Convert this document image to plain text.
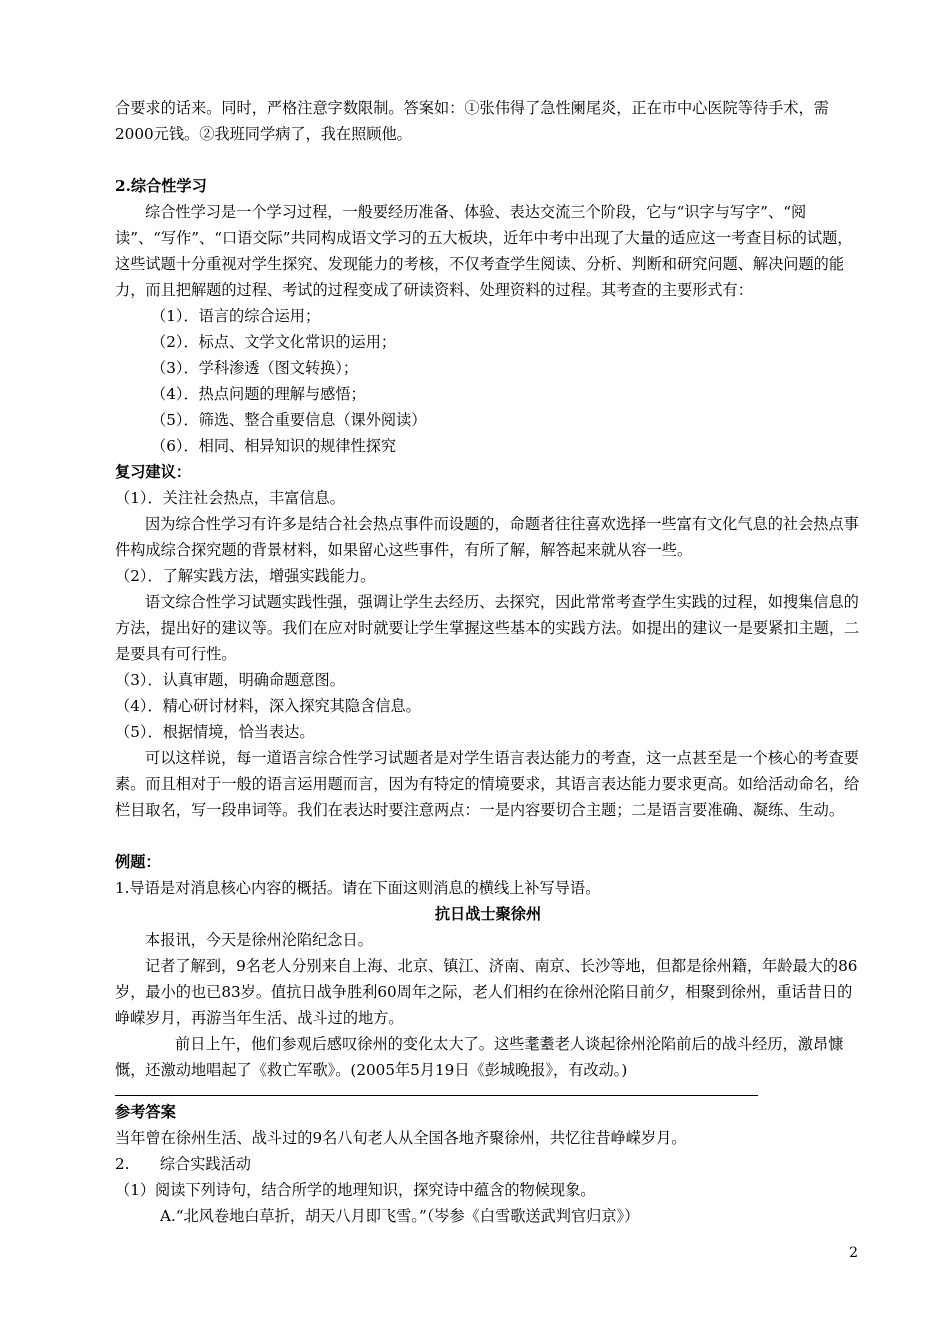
合要求的话来。同时，严格注意字数限制。答案如：①张伟得了急性阑尾炎，正在市中心医院等待手术，需2000元钱。②我班同学病了，我在照顾他。

2.综合性学习

综合性学习是一个学习过程，一般要经历准备、体验、表达交流三个阶段，它与“识字与写字”、“阅读”、“写作”、“口语交际”共同构成语文学习的五大板块，近年中考中出现了大量的适应这一考查目标的试题，这些试题十分重视对学生探究、发现能力的考核，不仅考查学生阅读、分析、判断和研究问题、解决问题的能力，而且把解题的过程、考试的过程变成了研读资料、处理资料的过程。其考查的主要形式有：

（1）．语言的综合运用；

（2）．标点、文学文化常识的运用；

（3）．学科渗透（图文转换）；

（4）．热点问题的理解与感悟；

（5）．筛选、整合重要信息（课外阅读）

（6）．相同、相异知识的规律性探究

复习建议：

（1）．关注社会热点，丰富信息。

因为综合性学习有许多是结合社会热点事件而设题的，命题者往往喜欢选择一些富有文化气息的社会热点事件构成综合探究题的背景材料，如果留心这些事件，有所了解，解答起来就从容一些。

（2）．了解实践方法，增强实践能力。

语文综合性学习试题实践性强，强调让学生去经历、去探究，因此常常考查学生实践的过程，如搜集信息的方法，提出好的建议等。我们在应对时就要让学生掌握这些基本的实践方法。如提出的建议一是要紧扣主题，二是要具有可行性。

（3）．认真审题，明确命题意图。

（4）．精心研讨材料，深入探究其隐含信息。

（5）．根据情境，恰当表达。

可以这样说，每一道语言综合性学习试题者是对学生语言表达能力的考查，这一点甚至是一个核心的考查要素。而且相对于一般的语言运用题而言，因为有特定的情境要求，其语言表达能力要求更高。如给活动命名，给栏目取名，写一段串词等。我们在表达时要注意两点：一是内容要切合主题；二是语言要准确、凝练、生动。

例题：

1.导语是对消息核心内容的概括。请在下面这则消息的横线上补写导语。

抗日战士聚徐州

本报讯，今天是徐州沦陷纪念日。

记者了解到，9名老人分别来自上海、北京、镇江、济南、南京、长沙等地，但都是徐州籍，年龄最大的86岁，最小的也已83岁。值抗日战争胜利60周年之际，老人们相约在徐州沦陷日前夕，相聚到徐州，重话昔日的峥嵘岁月，再游当年生活、战斗过的地方。

前日上午，他们参观后感叹徐州的变化太大了。这些耄耋老人谈起徐州沦陷前后的战斗经历，激昂慷慨，还激动地唱起了《救亡军歌》。(2005年5月19日《彭城晚报》，有改动。)

参考答案

当年曾在徐州生活、战斗过的9名八旬老人从全国各地齐聚徐州，共忆往昔峥嵘岁月。

2.　　综合实践活动

（1）阅读下列诗句，结合所学的地理知识，探究诗中蕴含的物候现象。

A.“北风卷地白草折，胡天八月即飞雪。”（岑参《白雪歌送武判官归京》）

2
